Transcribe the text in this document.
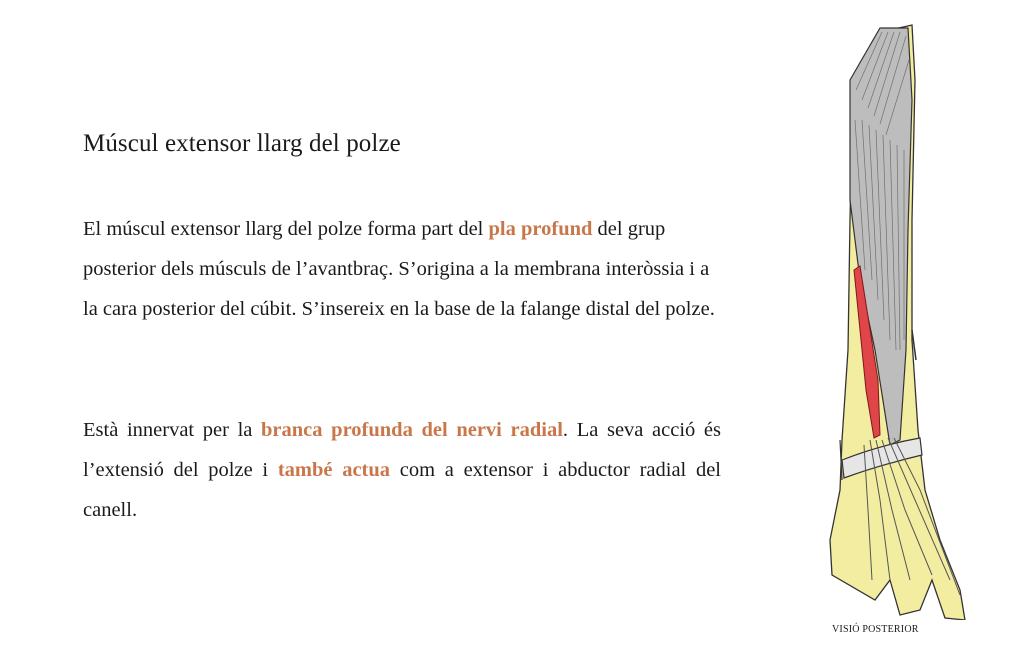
Múscul extensor llarg del polze

El múscul extensor llarg del polze forma part del pla profund del grup posterior dels músculs de l’avantbraç. S’origina a la membrana interòssia i a la cara posterior del cúbit. S’insereix en la base de la falange distal del polze.

Està innervat per la branca profunda del nervi radial. La seva acció és l’extensió del polze i també actua com a extensor i abductor radial del canell.

VISIÓ POSTERIOR
